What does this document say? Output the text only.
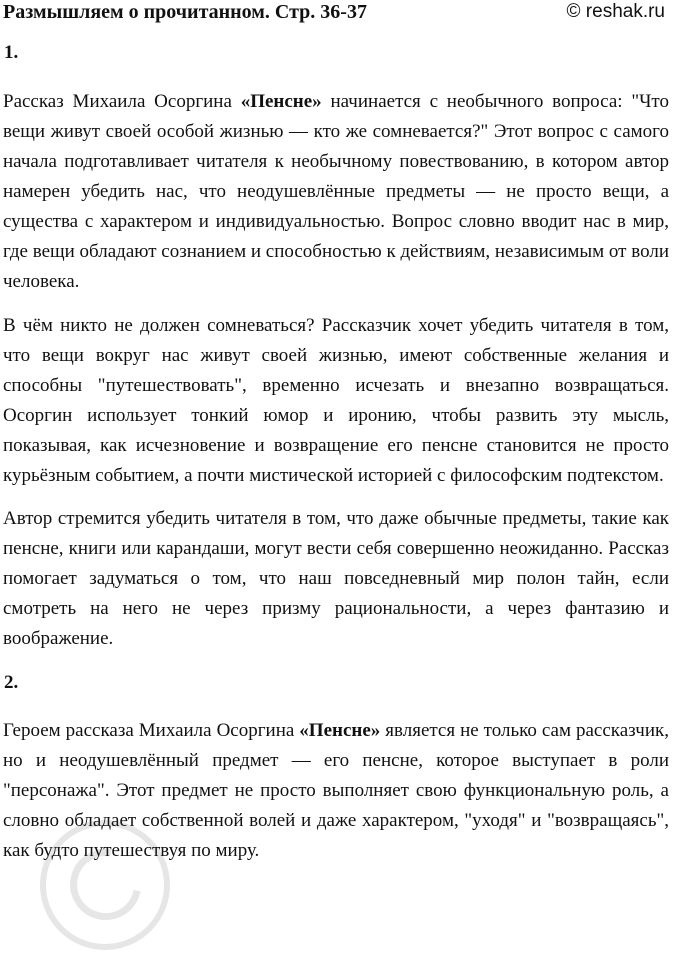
Размышляем о прочитанном. Стр. 36-37	© reshak.ru
1.

Рассказ Михаила Осоргина «Пенсне» начинается с необычного вопроса: "Что вещи живут своей особой жизнью — кто же сомневается?" Этот вопрос с самого начала подготавливает читателя к необычному повествованию, в котором автор намерен убедить нас, что неодушевлённые предметы — не просто вещи, а существа с характером и индивидуальностью. Вопрос словно вводит нас в мир, где вещи обладают сознанием и способностью к действиям, независимым от воли человека.

В чём никто не должен сомневаться? Рассказчик хочет убедить читателя в том, что вещи вокруг нас живут своей жизнью, имеют собственные желания и способны "путешествовать", временно исчезать и внезапно возвращаться. Осоргин использует тонкий юмор и иронию, чтобы развить эту мысль, показывая, как исчезновение и возвращение его пенсне становится не просто курьёзным событием, а почти мистической историей с философским подтекстом.

Автор стремится убедить читателя в том, что даже обычные предметы, такие как пенсне, книги или карандаши, могут вести себя совершенно неожиданно. Рассказ помогает задуматься о том, что наш повседневный мир полон тайн, если смотреть на него не через призму рациональности, а через фантазию и воображение.

2.

Героем рассказа Михаила Осоргина «Пенсне» является не только сам рассказчик, но и неодушевлённый предмет — его пенсне, которое выступает в роли "персонажа". Этот предмет не просто выполняет свою функциональную роль, а словно обладает собственной волей и даже характером, "уходя" и "возвращаясь", как будто путешествуя по миру.
